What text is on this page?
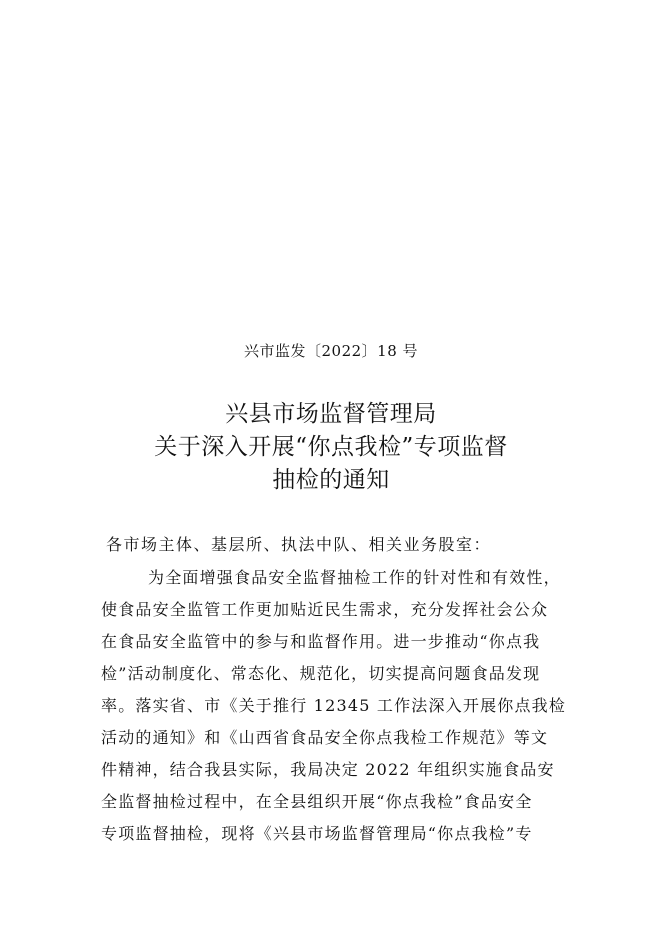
兴市监发〔2022〕18 号
兴县市场监督管理局
关于深入开展“你点我检”专项监督
抽检的通知
各市场主体、基层所、执法中队、相关业务股室：
为全面增强食品安全监督抽检工作的针对性和有效性，
使食品安全监管工作更加贴近民生需求，充分发挥社会公众
在食品安全监管中的参与和监督作用。进一步推动“你点我
检”活动制度化、常态化、规范化，切实提高问题食品发现
率。落实省、市《关于推行 12345 工作法深入开展你点我检
活动的通知》和《山西省食品安全你点我检工作规范》等文
件精神，结合我县实际，我局决定 2022 年组织实施食品安
全监督抽检过程中，在全县组织开展“你点我检”食品安全
专项监督抽检，现将《兴县市场监督管理局“你点我检”专
